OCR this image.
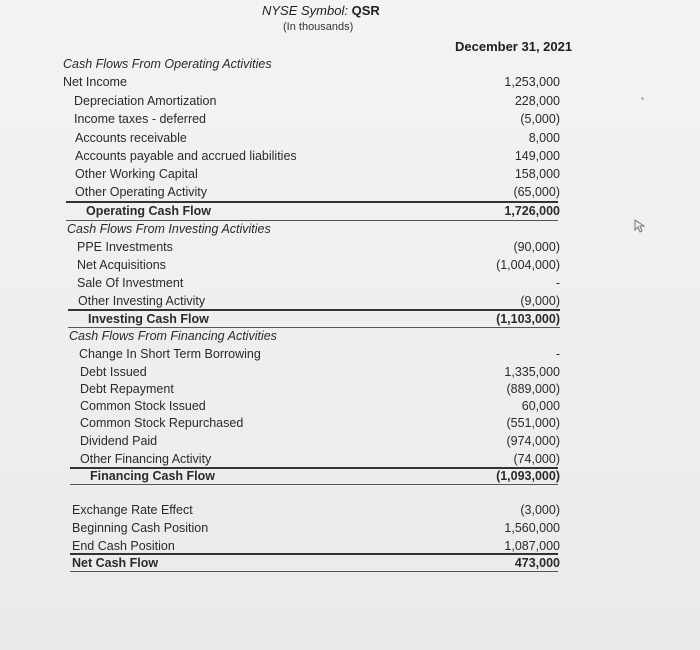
NYSE Symbol: QSR
(In thousands)
December 31, 2021
Cash Flows From Operating Activities
Net Income	1,253,000
Depreciation Amortization	228,000
Income taxes - deferred	(5,000)
Accounts receivable	8,000
Accounts payable and accrued liabilities	149,000
Other Working Capital	158,000
Other Operating Activity	(65,000)
Operating Cash Flow	1,726,000
Cash Flows From Investing Activities
PPE Investments	(90,000)
Net Acquisitions	(1,004,000)
Sale Of Investment	-
Other Investing Activity	(9,000)
Investing Cash Flow	(1,103,000)
Cash Flows From Financing Activities
Change In Short Term Borrowing	-
Debt Issued	1,335,000
Debt Repayment	(889,000)
Common Stock Issued	60,000
Common Stock Repurchased	(551,000)
Dividend Paid	(974,000)
Other Financing Activity	(74,000)
Financing Cash Flow	(1,093,000)
Exchange Rate Effect	(3,000)
Beginning Cash Position	1,560,000
End Cash Position	1,087,000
Net Cash Flow	473,000
